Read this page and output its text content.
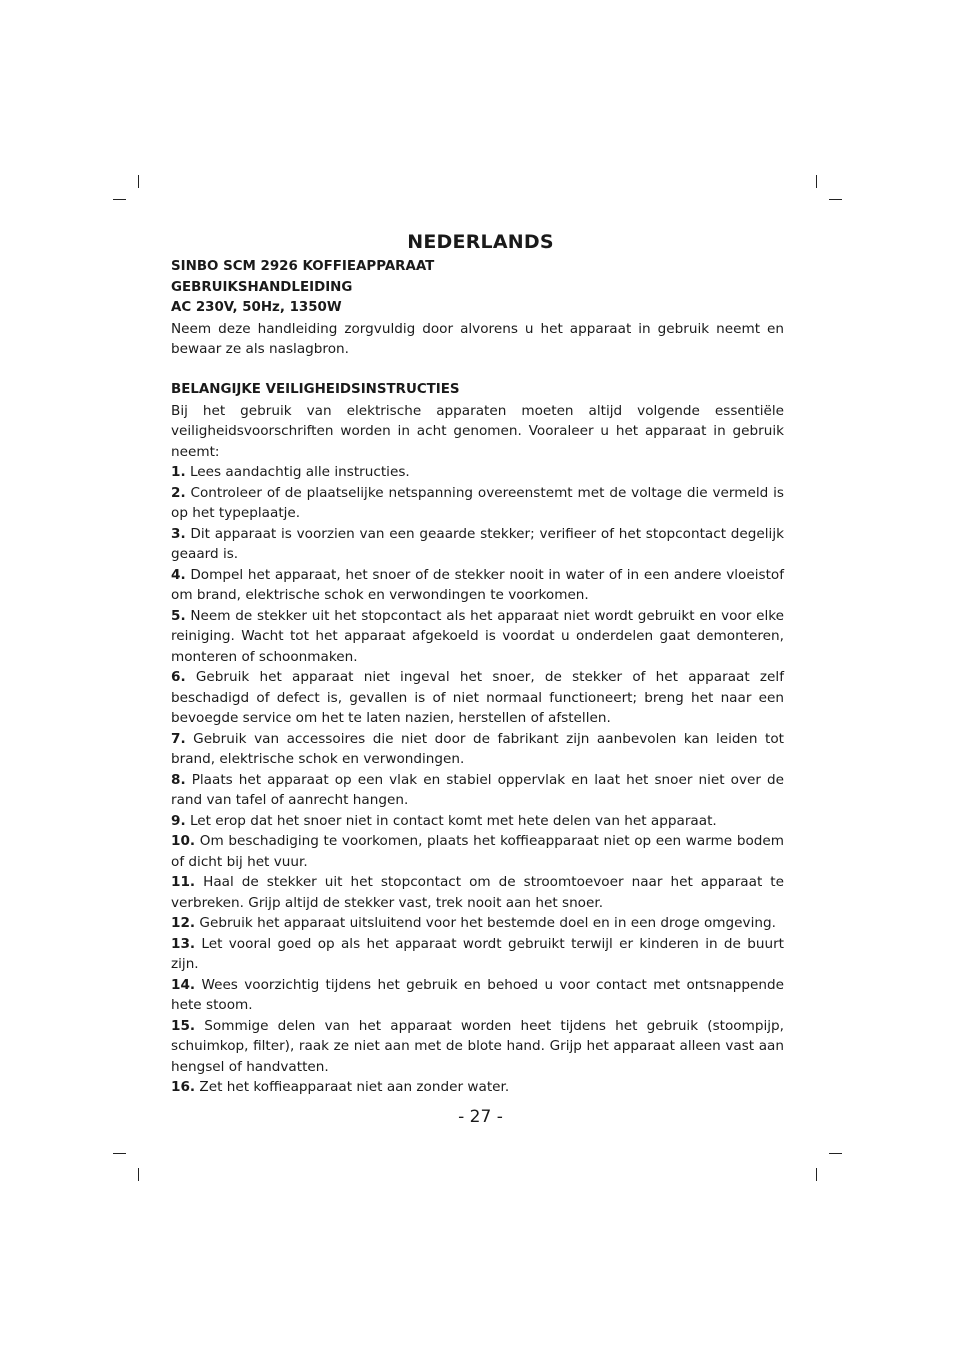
NEDERLANDS
SINBO SCM 2926 KOFFIEAPPARAAT
GEBRUIKSHANDLEIDING
AC 230V, 50Hz, 1350W
Neem deze handleiding zorgvuldig door alvorens u het apparaat in gebruik neemt en bewaar ze als naslagbron.
BELANGIJKE VEILIGHEIDSINSTRUCTIES
Bij het gebruik van elektrische apparaten moeten altijd volgende essentiële veiligheidsvoorschriften worden in acht genomen. Vooraleer u het apparaat in gebruik neemt:
1. Lees aandachtig alle instructies.
2. Controleer of de plaatselijke netspanning overeenstemt met de voltage die vermeld is op het typeplaatje.
3. Dit apparaat is voorzien van een geaarde stekker; verifieer of het stopcontact degelijk geaard is.
4. Dompel het apparaat, het snoer of de stekker nooit in water of in een andere vloeistof om brand, elektrische schok en verwondingen te voorkomen.
5. Neem de stekker uit het stopcontact als het apparaat niet wordt gebruikt en voor elke reiniging. Wacht tot het apparaat afgekoeld is voordat u onderdelen gaat demonteren, monteren of schoonmaken.
6. Gebruik het apparaat niet ingeval het snoer, de stekker of het apparaat zelf beschadigd of defect is, gevallen is of niet normaal functioneert; breng het naar een bevoegde service om het te laten nazien, herstellen of afstellen.
7. Gebruik van accessoires die niet door de fabrikant zijn aanbevolen kan leiden tot brand, elektrische schok en verwondingen.
8. Plaats het apparaat op een vlak en stabiel oppervlak en laat het snoer niet over de rand van tafel of aanrecht hangen.
9. Let erop dat het snoer niet in contact komt met hete delen van het apparaat.
10. Om beschadiging te voorkomen, plaats het koffieapparaat niet op een warme bodem of dicht bij het vuur.
11. Haal de stekker uit het stopcontact om de stroomtoevoer naar het apparaat te verbreken. Grijp altijd de stekker vast, trek nooit aan het snoer.
12. Gebruik het apparaat uitsluitend voor het bestemde doel en in een droge omgeving.
13. Let vooral goed op als het apparaat wordt gebruikt terwijl er kinderen in de buurt zijn.
14. Wees voorzichtig tijdens het gebruik en behoed u voor contact met ontsnappende hete stoom.
15. Sommige delen van het apparaat worden heet tijdens het gebruik (stoompijp, schuimkop, filter), raak ze niet aan met de blote hand. Grijp het apparaat alleen vast aan hengsel of handvatten.
16. Zet het koffieapparaat niet aan zonder water.
- 27 -
